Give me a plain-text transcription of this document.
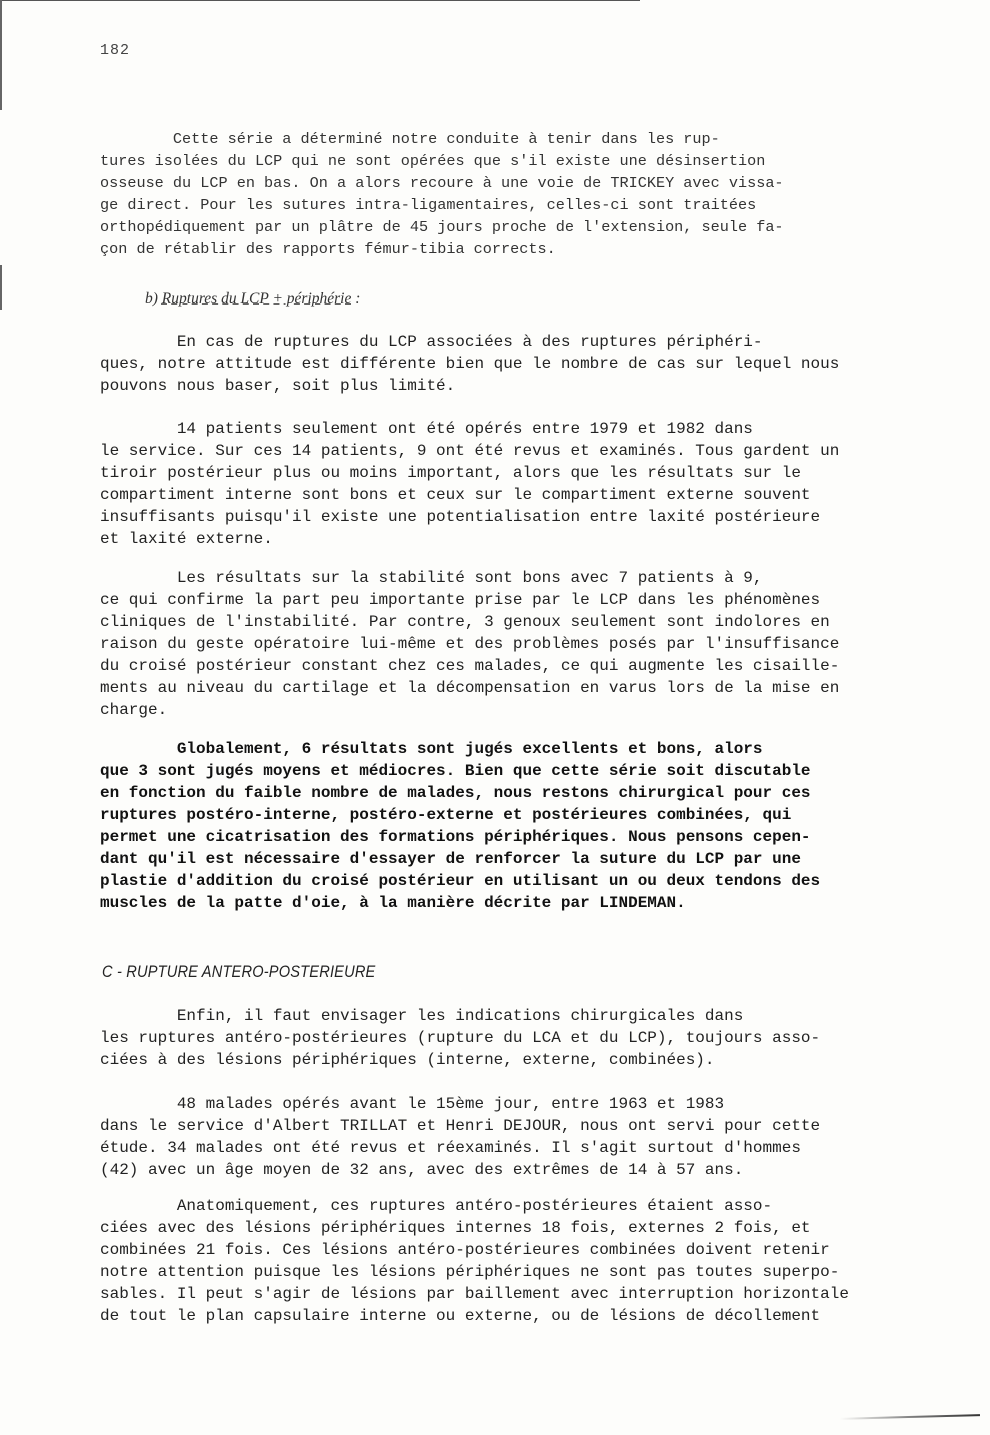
182
Cette série a déterminé notre conduite à tenir dans les rup-
tures isolées du LCP qui ne sont opérées que s'il existe une désinsertion
osseuse du LCP en bas. On a alors recoure à une voie de TRICKEY avec vissa-
ge direct. Pour les sutures intra-ligamentaires, celles-ci sont traitées
orthopédiquement par un plâtre de 45 jours proche de l'extension, seule fa-
çon de rétablir des rapports fémur-tibia corrects.
b) Ruptures du LCP + périphérie :
En cas de ruptures du LCP associées à des ruptures périphéri-
ques, notre attitude est différente bien que le nombre de cas sur lequel nous
pouvons nous baser, soit plus limité.
14 patients seulement ont été opérés entre 1979 et 1982 dans
le service. Sur ces 14 patients, 9 ont été revus et examinés. Tous gardent un
tiroir postérieur plus ou moins important, alors que les résultats sur le
compartiment interne sont bons et ceux sur le compartiment externe souvent
insuffisants puisqu'il existe une potentialisation entre laxité postérieure
et laxité externe.
Les résultats sur la stabilité sont bons avec 7 patients à 9,
ce qui confirme la part peu importante prise par le LCP dans les phénomènes
cliniques de l'instabilité. Par contre, 3 genoux seulement sont indolores en
raison du geste opératoire lui-même et des problèmes posés par l'insuffisance
du croisé postérieur constant chez ces malades, ce qui augmente les cisaille-
ments au niveau du cartilage et la décompensation en varus lors de la mise en
charge.
Globalement, 6 résultats sont jugés excellents et bons, alors
que 3 sont jugés moyens et médiocres. Bien que cette série soit discutable
en fonction du faible nombre de malades, nous restons chirurgical pour ces
ruptures postéro-interne, postéro-externe et postérieures combinées, qui
permet une cicatrisation des formations périphériques. Nous pensons cepen-
dant qu'il est nécessaire d'essayer de renforcer la suture du LCP par une
plastie d'addition du croisé postérieur en utilisant un ou deux tendons des
muscles de la patte d'oie, à la manière décrite par LINDEMAN.
C - RUPTURE ANTERO-POSTERIEURE
Enfin, il faut envisager les indications chirurgicales dans
les ruptures antéro-postérieures (rupture du LCA et du LCP), toujours asso-
ciées à des lésions périphériques (interne, externe, combinées).
48 malades opérés avant le 15ème jour, entre 1963 et 1983
dans le service d'Albert TRILLAT et Henri DEJOUR, nous ont servi pour cette
étude. 34 malades ont été revus et réexaminés. Il s'agit surtout d'hommes
(42) avec un âge moyen de 32 ans, avec des extrêmes de 14 à 57 ans.
Anatomiquement, ces ruptures antéro-postérieures étaient asso-
ciées avec des lésions périphériques internes 18 fois, externes 2 fois, et
combinées 21 fois. Ces lésions antéro-postérieures combinées doivent retenir
notre attention puisque les lésions périphériques ne sont pas toutes superpo-
sables. Il peut s'agir de lésions par baillement avec interruption horizontale
de tout le plan capsulaire interne ou externe, ou de lésions de décollement
